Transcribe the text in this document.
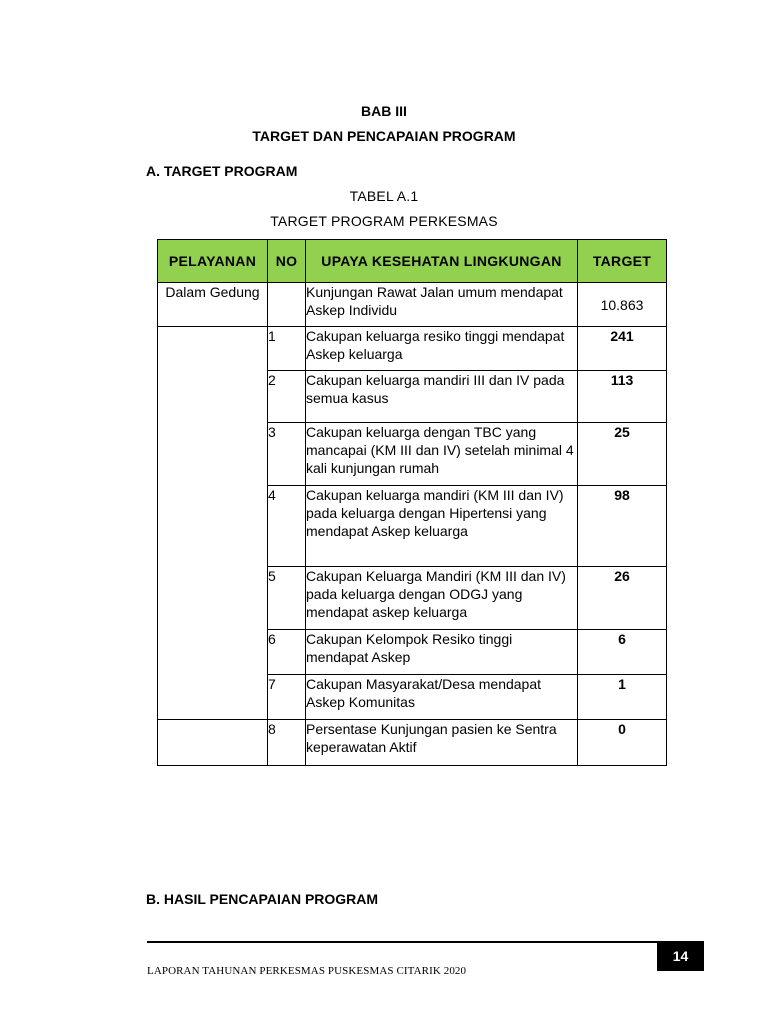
BAB III
TARGET DAN PENCAPAIAN PROGRAM
A. TARGET PROGRAM
TABEL A.1
TARGET PROGRAM PERKESMAS
PELAYANAN	NO	UPAYA KESEHATAN LINGKUNGAN	TARGET
Dalam Gedung		Kunjungan Rawat Jalan umum mendapat Askep Individu	10.863
	1	Cakupan keluarga resiko tinggi mendapat Askep keluarga	241
	2	Cakupan keluarga mandiri III dan IV pada semua kasus	113
	3	Cakupan keluarga dengan TBC yang mancapai (KM III dan IV) setelah minimal 4 kali kunjungan rumah	25
	4	Cakupan keluarga mandiri (KM III dan IV) pada keluarga dengan Hipertensi yang mendapat Askep keluarga	98
	5	Cakupan Keluarga Mandiri (KM III dan IV) pada keluarga dengan ODGJ yang mendapat askep keluarga	26
	6	Cakupan Kelompok Resiko tinggi mendapat Askep	6
	7	Cakupan Masyarakat/Desa mendapat Askep Komunitas	1
	8	Persentase Kunjungan pasien ke Sentra keperawatan Aktif	0
B. HASIL PENCAPAIAN PROGRAM
14
LAPORAN TAHUNAN PERKESMAS PUSKESMAS CITARIK 2020
